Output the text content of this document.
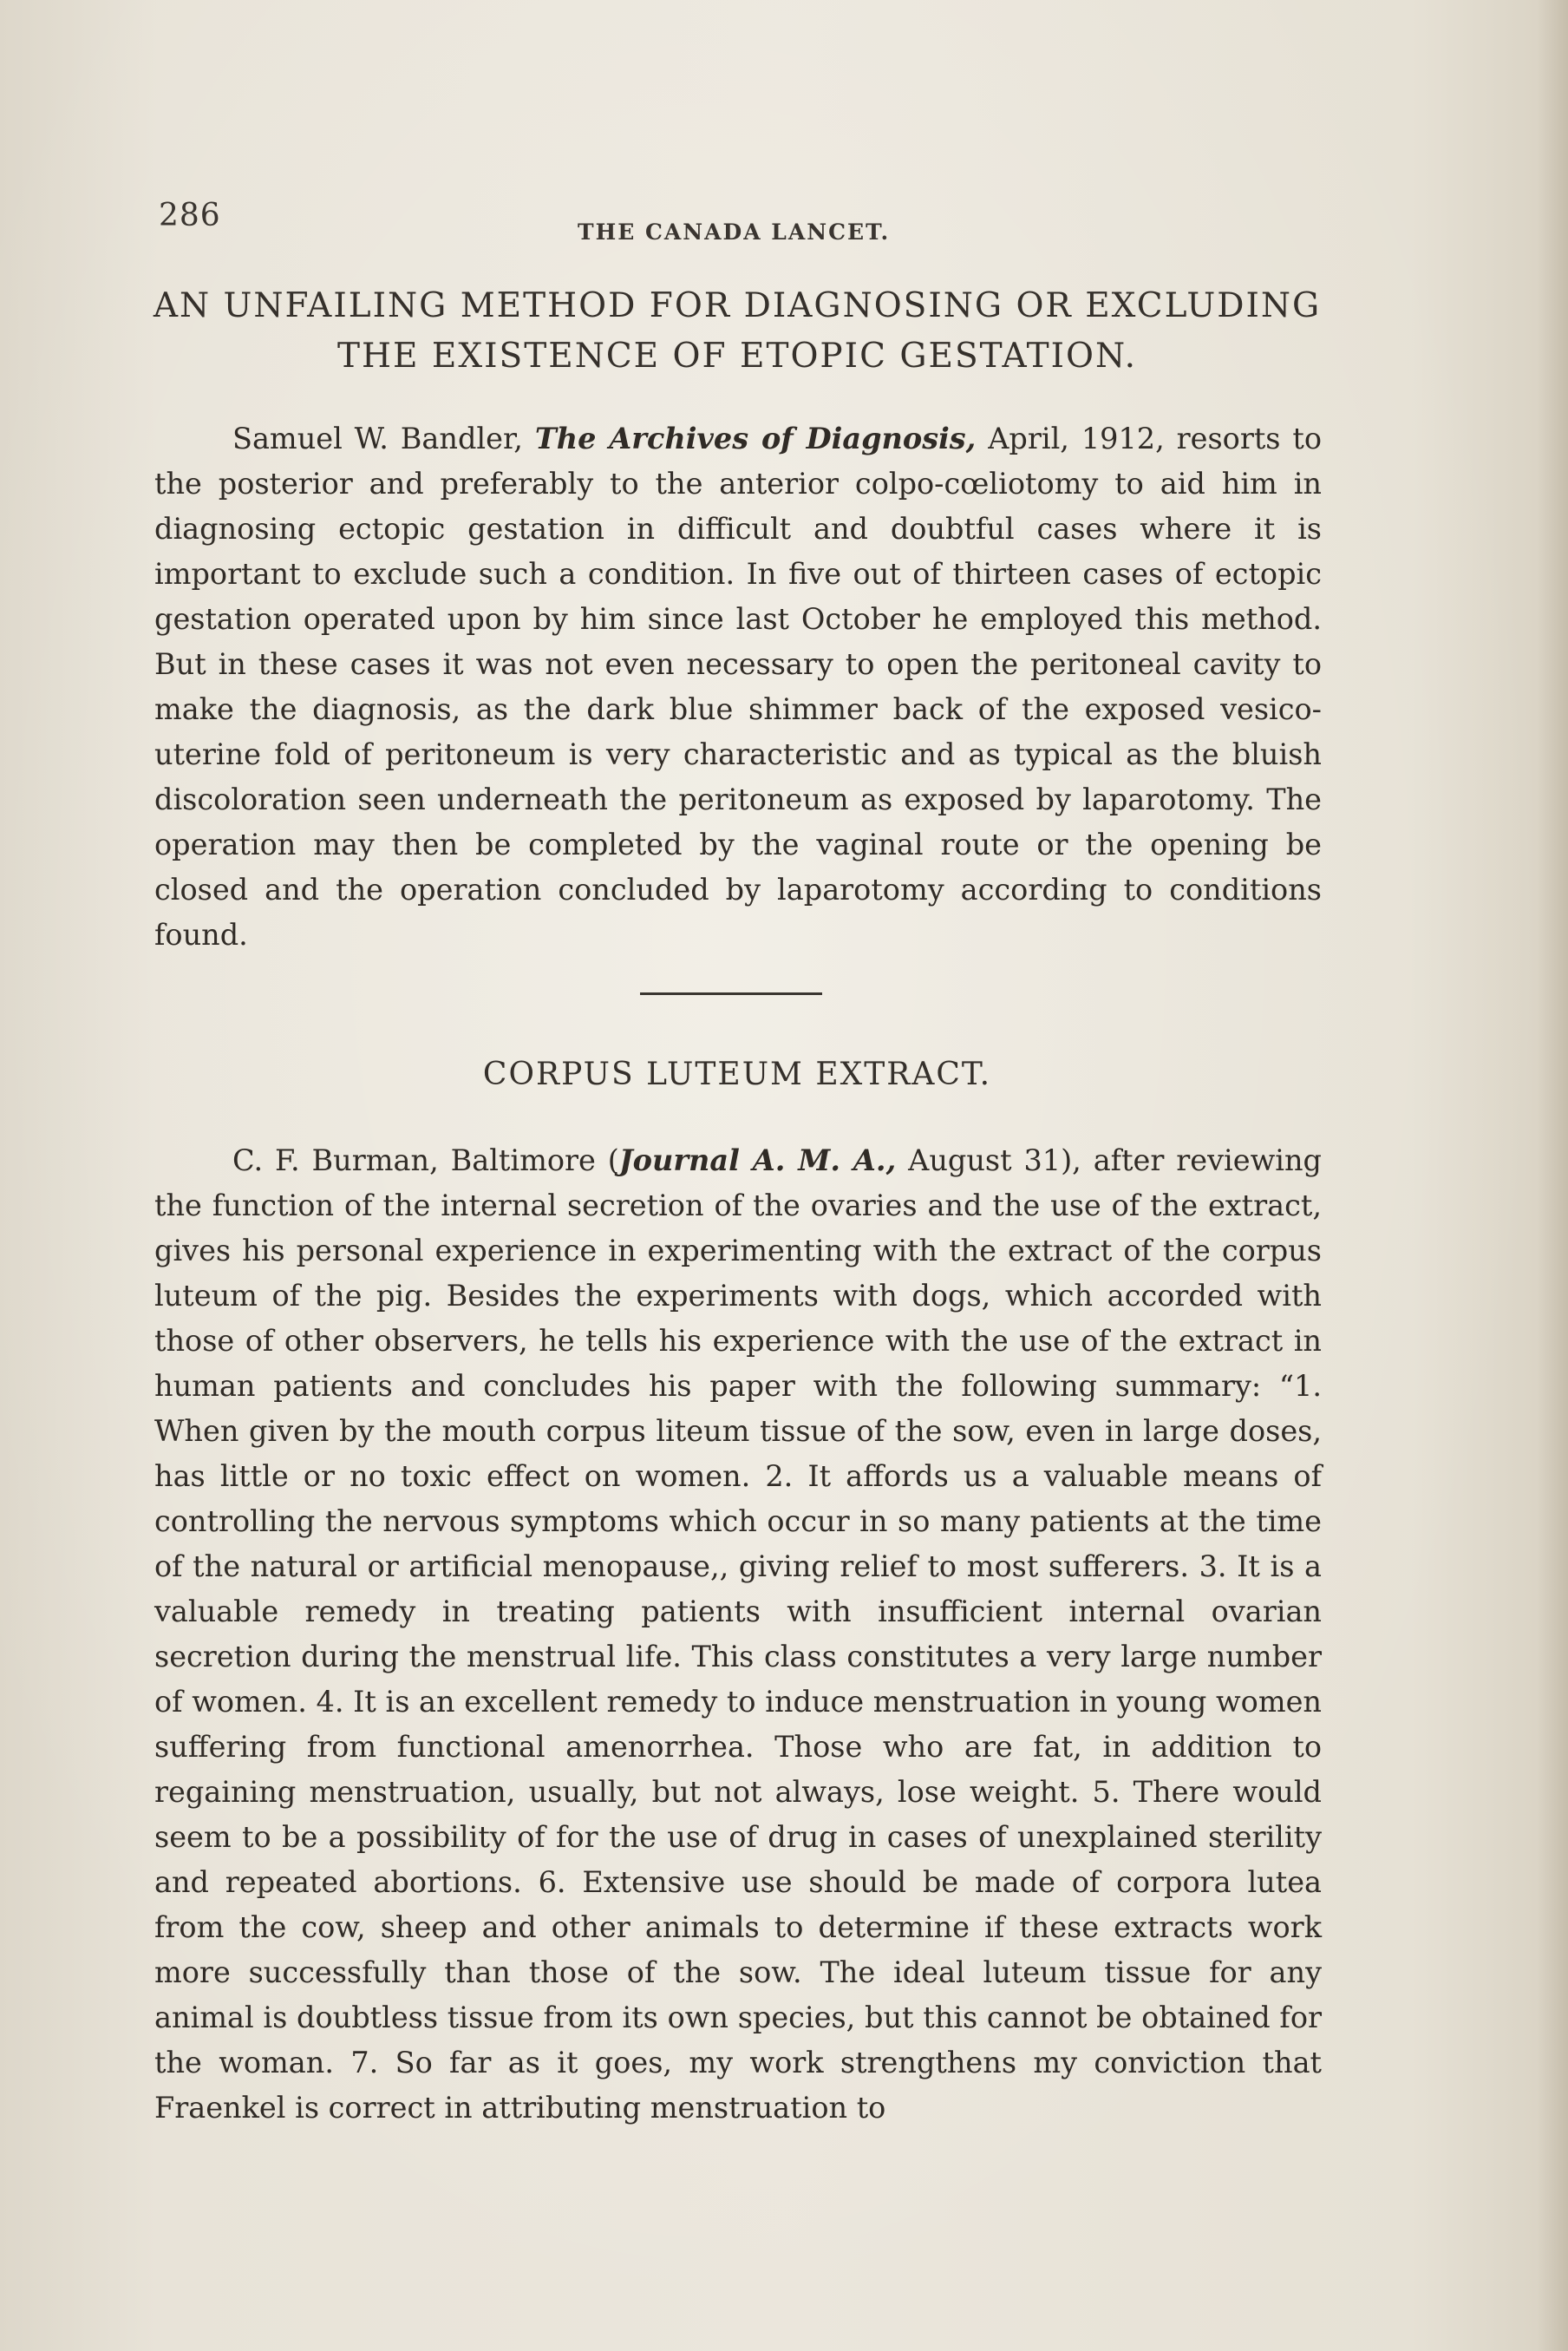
286	THE CANADA LANCET.
AN UNFAILING METHOD FOR DIAGNOSING OR EXCLUDING
THE EXISTENCE OF ETOPIC GESTATION.

Samuel W. Bandler, The Archives of Diagnosis, April, 1912, resorts to the posterior and preferably to the anterior colpo-cœliotomy to aid him in diagnosing ectopic gestation in difficult and doubtful cases where it is important to exclude such a condition. In five out of thirteen cases of ectopic gestation operated upon by him since last October he employed this method. But in these cases it was not even necessary to open the peritoneal cavity to make the diagnosis, as the dark blue shimmer back of the exposed vesico-uterine fold of peritoneum is very characteristic and as typical as the bluish discoloration seen underneath the peritoneum as exposed by laparotomy. The operation may then be completed by the vaginal route or the opening be closed and the operation concluded by laparotomy according to conditions found.

CORPUS LUTEUM EXTRACT.

C. F. Burman, Baltimore (Journal A. M. A., August 31), after reviewing the function of the internal secretion of the ovaries and the use of the extract, gives his personal experience in experimenting with the extract of the corpus luteum of the pig. Besides the experiments with dogs, which accorded with those of other observers, he tells his experience with the use of the extract in human patients and concludes his paper with the following summary: “1. When given by the mouth corpus liteum tissue of the sow, even in large doses, has little or no toxic effect on women. 2. It affords us a valuable means of controlling the nervous symptoms which occur in so many patients at the time of the natural or artificial menopause,, giving relief to most sufferers. 3. It is a valuable remedy in treating patients with insufficient internal ovarian secretion during the menstrual life. This class constitutes a very large number of women. 4. It is an excellent remedy to induce menstruation in young women suffering from functional amenorrhea. Those who are fat, in addition to regaining menstruation, usually, but not always, lose weight. 5. There would seem to be a possibility of for the use of drug in cases of unexplained sterility and repeated abortions. 6. Extensive use should be made of corpora lutea from the cow, sheep and other animals to determine if these extracts work more successfully than those of the sow. The ideal luteum tissue for any animal is doubtless tissue from its own species, but this cannot be obtained for the woman. 7. So far as it goes, my work strengthens my conviction that Fraenkel is correct in attributing menstruation to
